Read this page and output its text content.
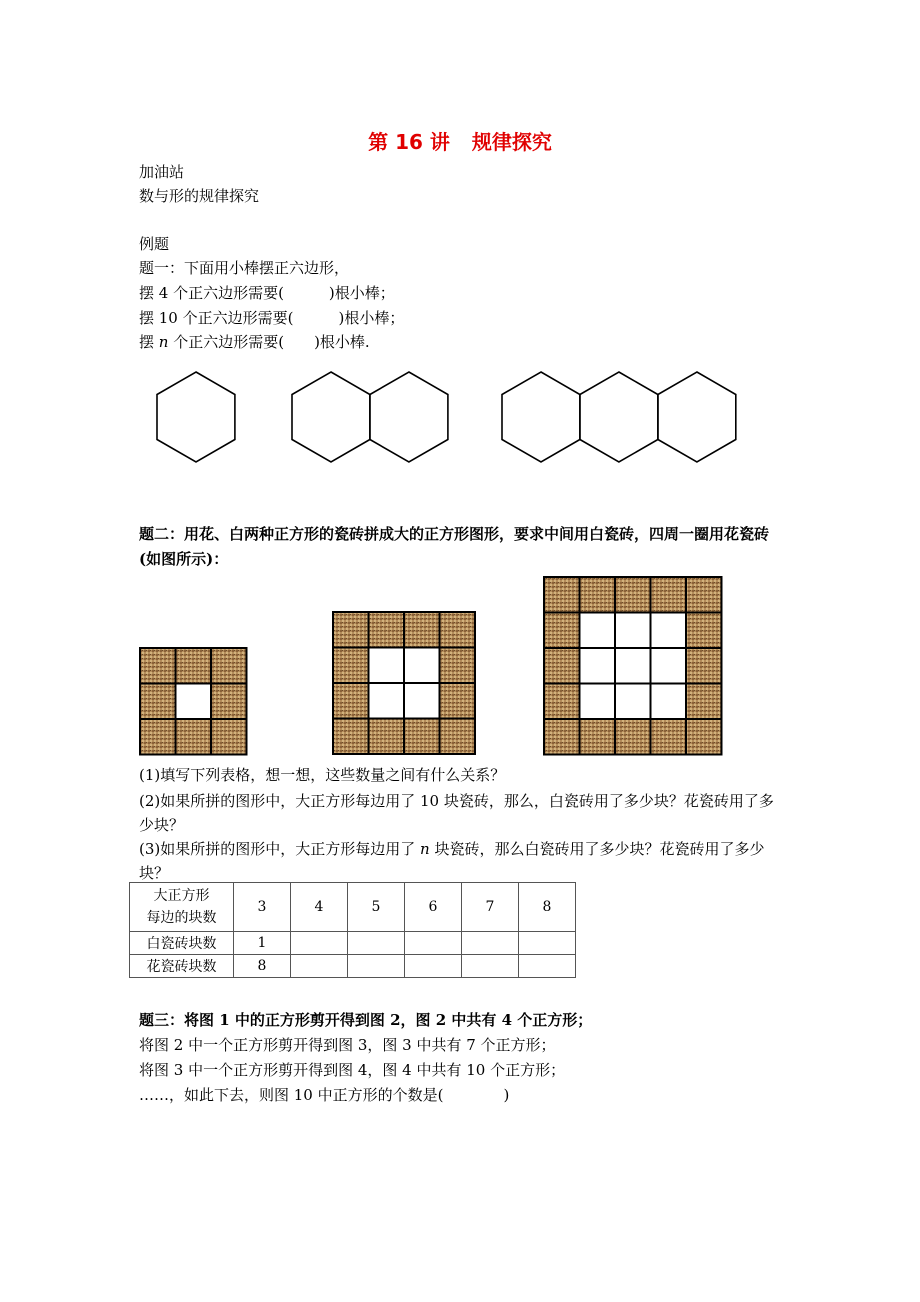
第 16 讲 规律探究
加油站
数与形的规律探究
例题
题一：下面用小棒摆正六边形，
摆 4 个正六边形需要(　　　)根小棒；
摆 10 个正六边形需要(　　　)根小棒；
摆 n 个正六边形需要(　　)根小棒.
题二：用花、白两种正方形的瓷砖拼成大的正方形图形，要求中间用白瓷砖，四周一圈用花瓷砖(如图所示)：
(1)填写下列表格，想一想，这些数量之间有什么关系？
(2)如果所拼的图形中，大正方形每边用了 10 块瓷砖，那么，白瓷砖用了多少块？花瓷砖用了多少块？
(3)如果所拼的图形中，大正方形每边用了 n 块瓷砖，那么白瓷砖用了多少块？花瓷砖用了多少块？
大正方形
每边的块数	3	4	5	6	7	8
白瓷砖块数	1					
花瓷砖块数	8					
题三：将图 1 中的正方形剪开得到图 2，图 2 中共有 4 个正方形；
将图 2 中一个正方形剪开得到图 3，图 3 中共有 7 个正方形；
将图 3 中一个正方形剪开得到图 4，图 4 中共有 10 个正方形；
……，如此下去，则图 10 中正方形的个数是(　　　　)
